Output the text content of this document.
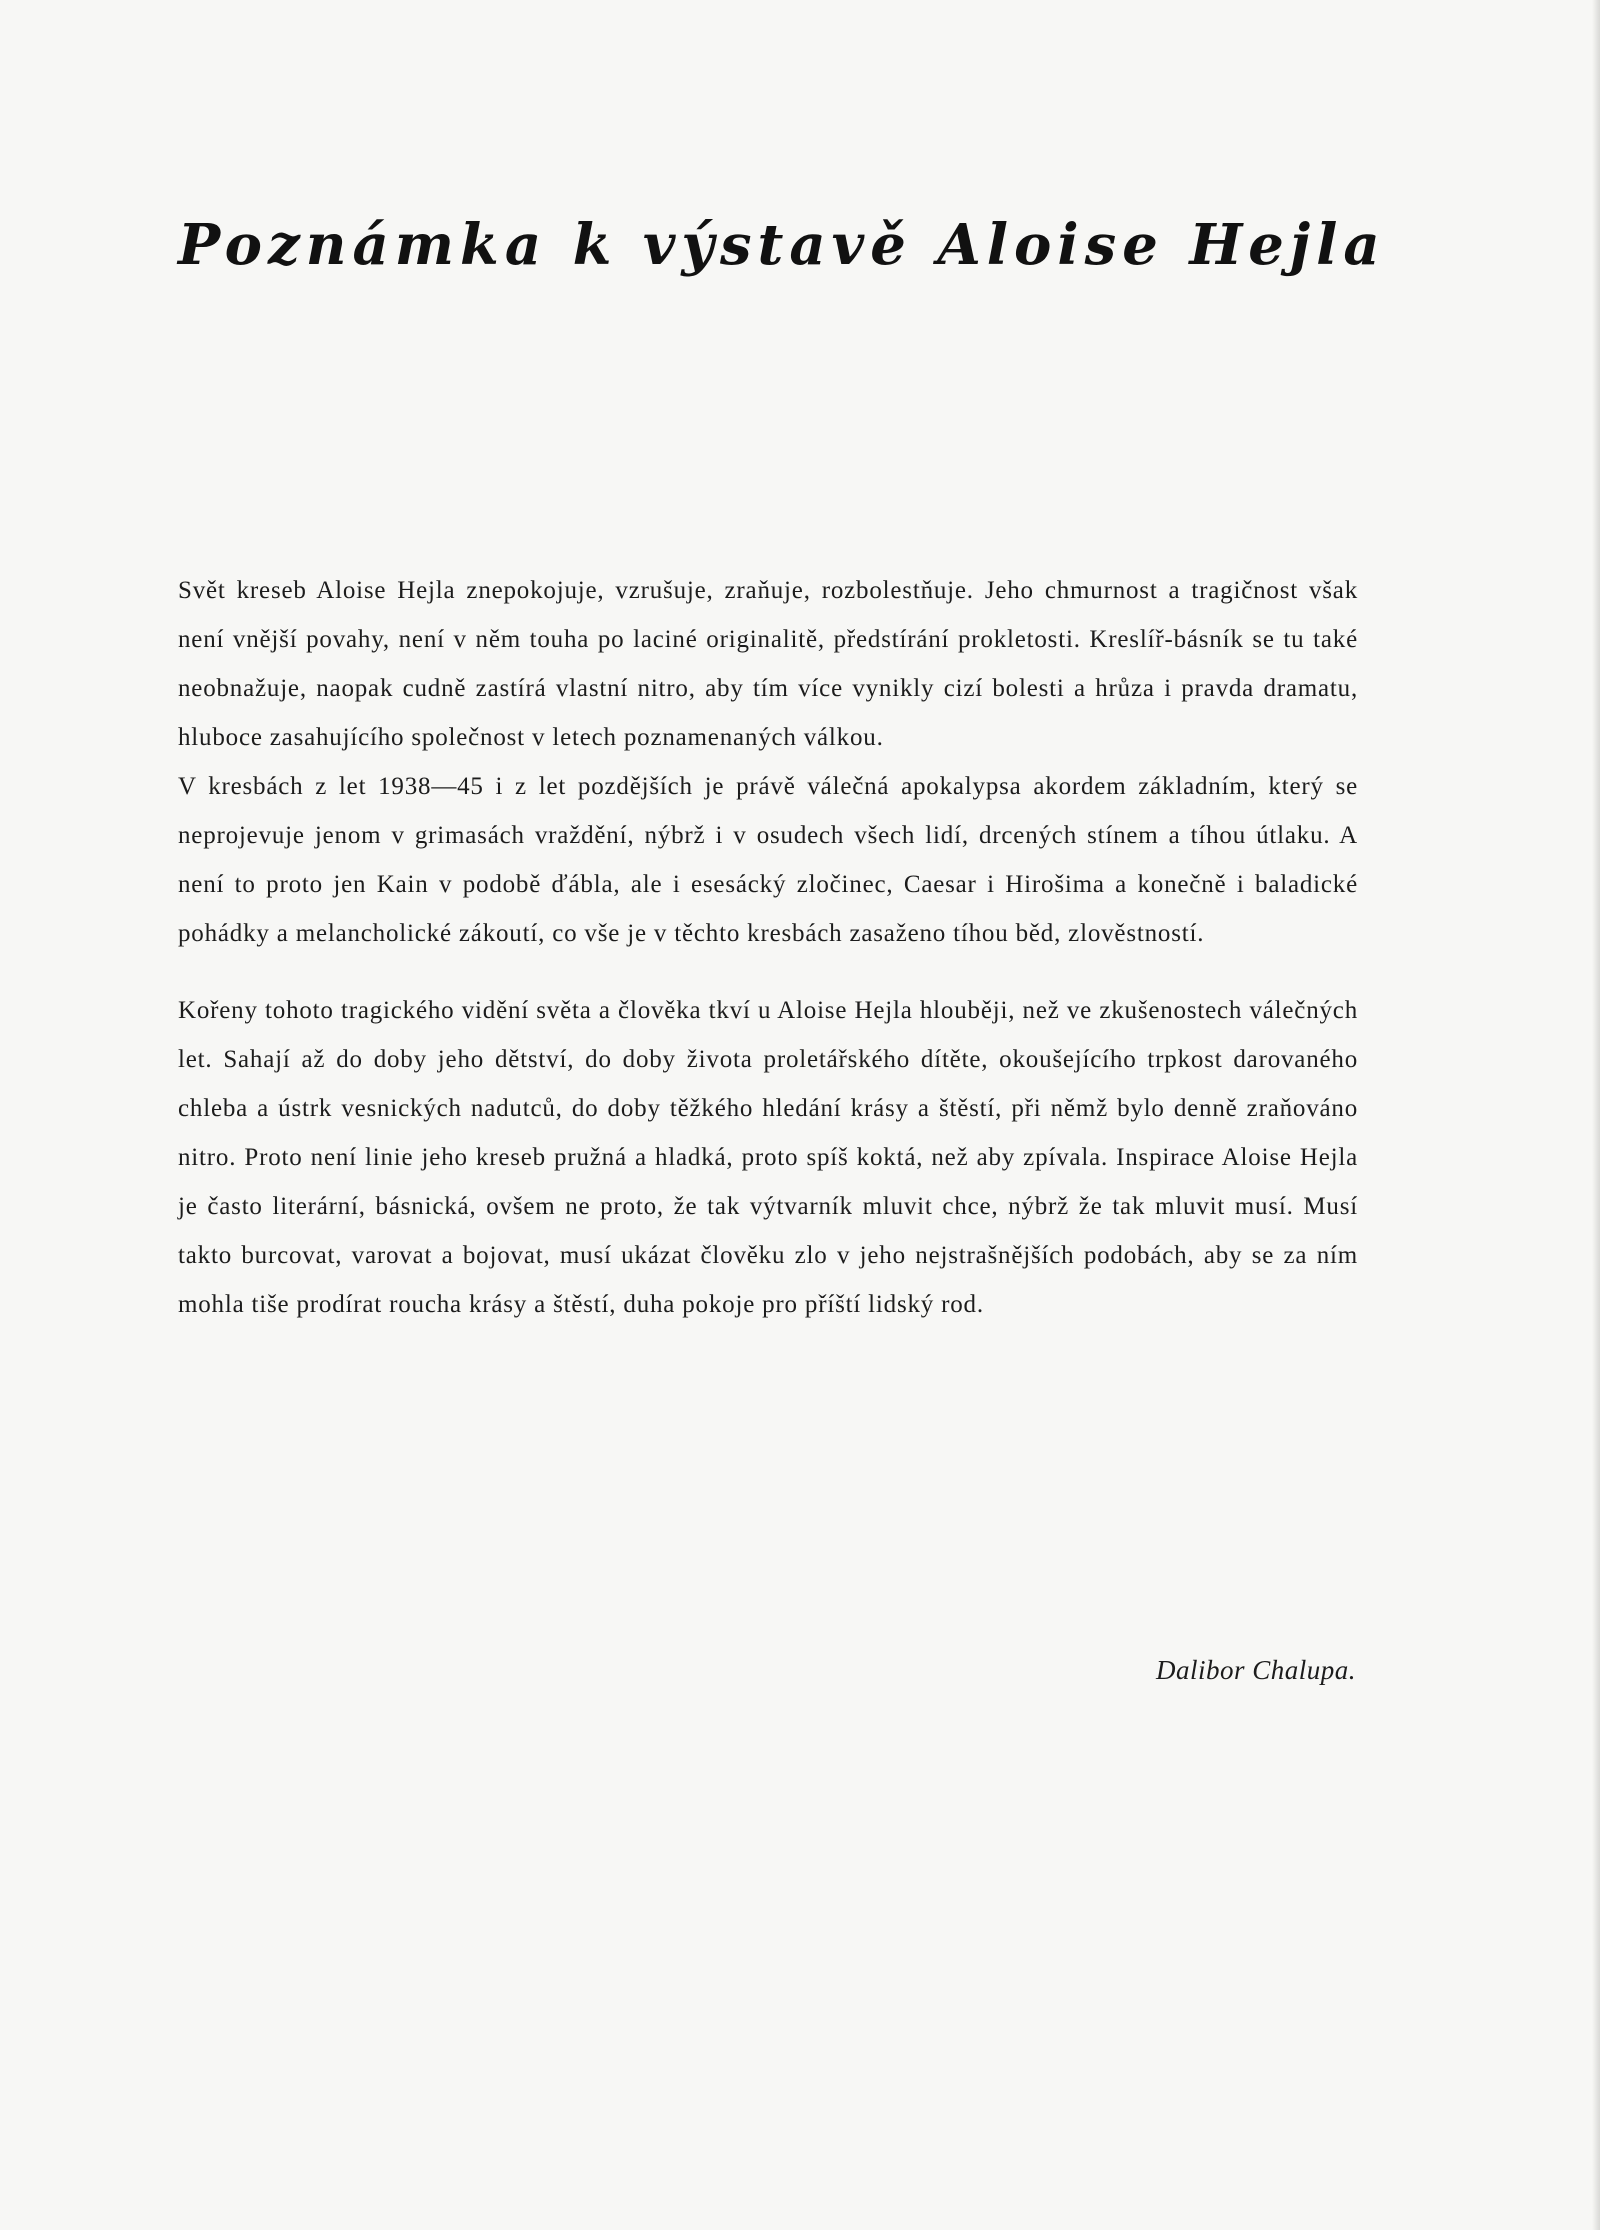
Poznámka k výstavě Aloise Hejla

Svět kreseb Aloise Hejla znepokojuje, vzrušuje, zraňuje, rozbolestňuje. Jeho chmurnost a tragičnost však není vnější povahy, není v něm touha po laciné originalitě, předstírání prokletosti. Kreslíř-básník se tu také neobnažuje, naopak cudně zastírá vlastní nitro, aby tím více vynikly cizí bolesti a hrůza i pravda dramatu, hluboce zasahujícího společnost v letech poznamenaných válkou.

V kresbách z let 1938—45 i z let pozdějších je právě válečná apokalypsa akordem základním, který se neprojevuje jenom v grimasách vraždění, nýbrž i v osudech všech lidí, drcených stínem a tíhou útlaku. A není to proto jen Kain v podobě ďábla, ale i esesácký zločinec, Caesar i Hirošima a konečně i baladické pohádky a melancholické zákoutí, co vše je v těchto kresbách zasaženo tíhou běd, zlověstností.

Kořeny tohoto tragického vidění světa a člověka tkví u Aloise Hejla hlouběji, než ve zkušenostech válečných let. Sahají až do doby jeho dětství, do doby života proletářského dítěte, okoušejícího trpkost darovaného chleba a ústrk vesnických nadutců, do doby těžkého hledání krásy a štěstí, při němž bylo denně zraňováno nitro. Proto není linie jeho kreseb pružná a hladká, proto spíš koktá, než aby zpívala. Inspirace Aloise Hejla je často literární, básnická, ovšem ne proto, že tak výtvarník mluvit chce, nýbrž že tak mluvit musí. Musí takto burcovat, varovat a bojovat, musí ukázat člověku zlo v jeho nejstrašnějších podobách, aby se za ním mohla tiše prodírat roucha krásy a štěstí, duha pokoje pro příští lidský rod.

Dalibor Chalupa.
